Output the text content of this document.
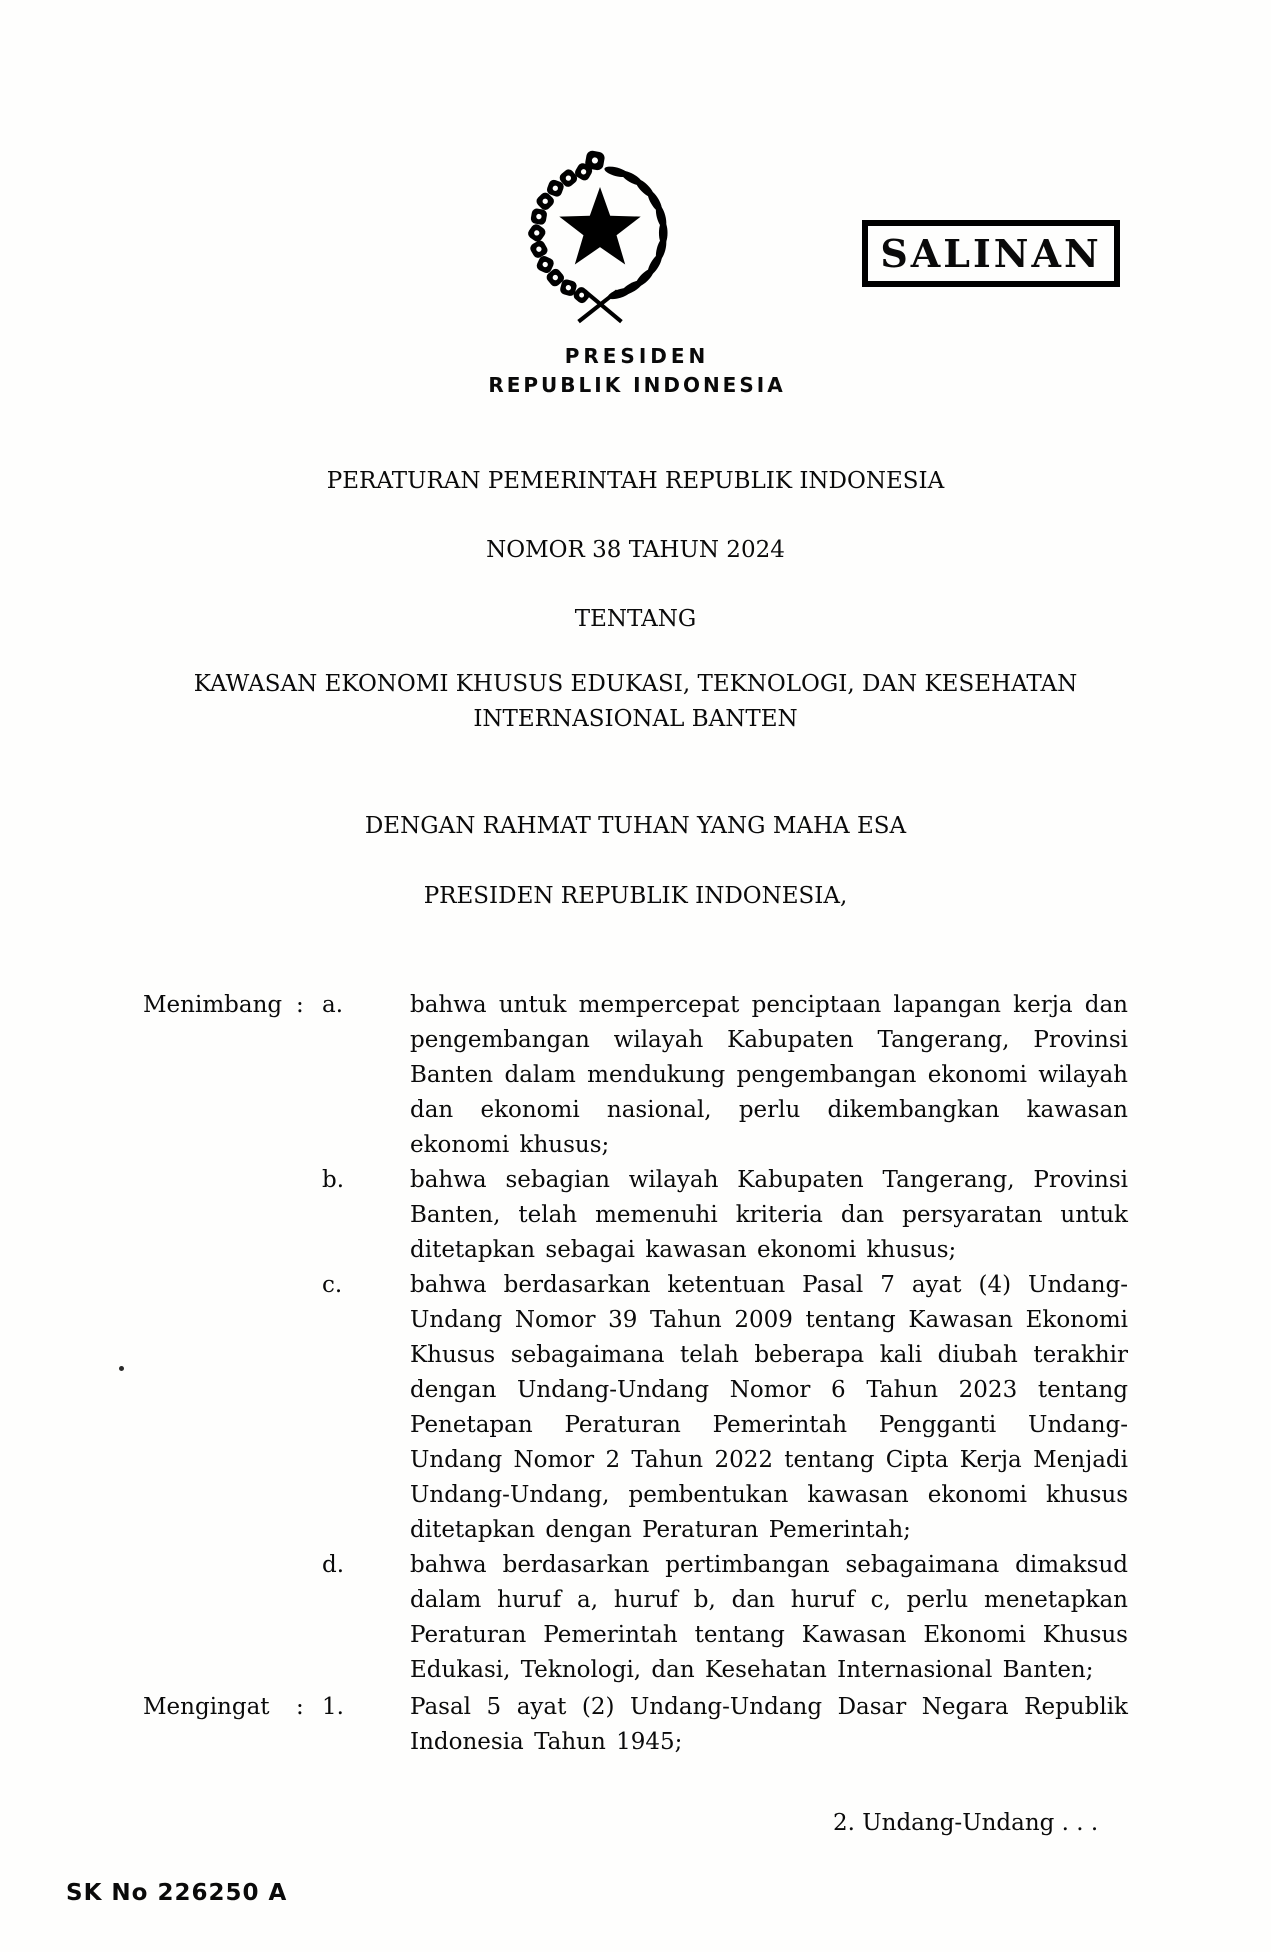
PRESIDEN
REPUBLIK INDONESIA
SALINAN
PERATURAN PEMERINTAH REPUBLIK INDONESIA
NOMOR 38 TAHUN 2024
TENTANG
KAWASAN EKONOMI KHUSUS EDUKASI, TEKNOLOGI, DAN KESEHATAN
INTERNASIONAL BANTEN
DENGAN RAHMAT TUHAN YANG MAHA ESA
PRESIDEN REPUBLIK INDONESIA,
Menimbang : a.	bahwa untuk mempercepat penciptaan lapangan kerja dan pengembangan wilayah Kabupaten Tangerang, Provinsi Banten dalam mendukung pengembangan ekonomi wilayah dan ekonomi nasional, perlu dikembangkan kawasan ekonomi khusus;
b.	bahwa sebagian wilayah Kabupaten Tangerang, Provinsi Banten, telah memenuhi kriteria dan persyaratan untuk ditetapkan sebagai kawasan ekonomi khusus;
c.	bahwa berdasarkan ketentuan Pasal 7 ayat (4) Undang-Undang Nomor 39 Tahun 2009 tentang Kawasan Ekonomi Khusus sebagaimana telah beberapa kali diubah terakhir dengan Undang-Undang Nomor 6 Tahun 2023 tentang Penetapan Peraturan Pemerintah Pengganti Undang-Undang Nomor 2 Tahun 2022 tentang Cipta Kerja Menjadi Undang-Undang, pembentukan kawasan ekonomi khusus ditetapkan dengan Peraturan Pemerintah;
d.	bahwa berdasarkan pertimbangan sebagaimana dimaksud dalam huruf a, huruf b, dan huruf c, perlu menetapkan Peraturan Pemerintah tentang Kawasan Ekonomi Khusus Edukasi, Teknologi, dan Kesehatan Internasional Banten;
Mengingat	: 1.	Pasal 5 ayat (2) Undang-Undang Dasar Negara Republik Indonesia Tahun 1945;
2. Undang-Undang . . .
SK No 226250 A
